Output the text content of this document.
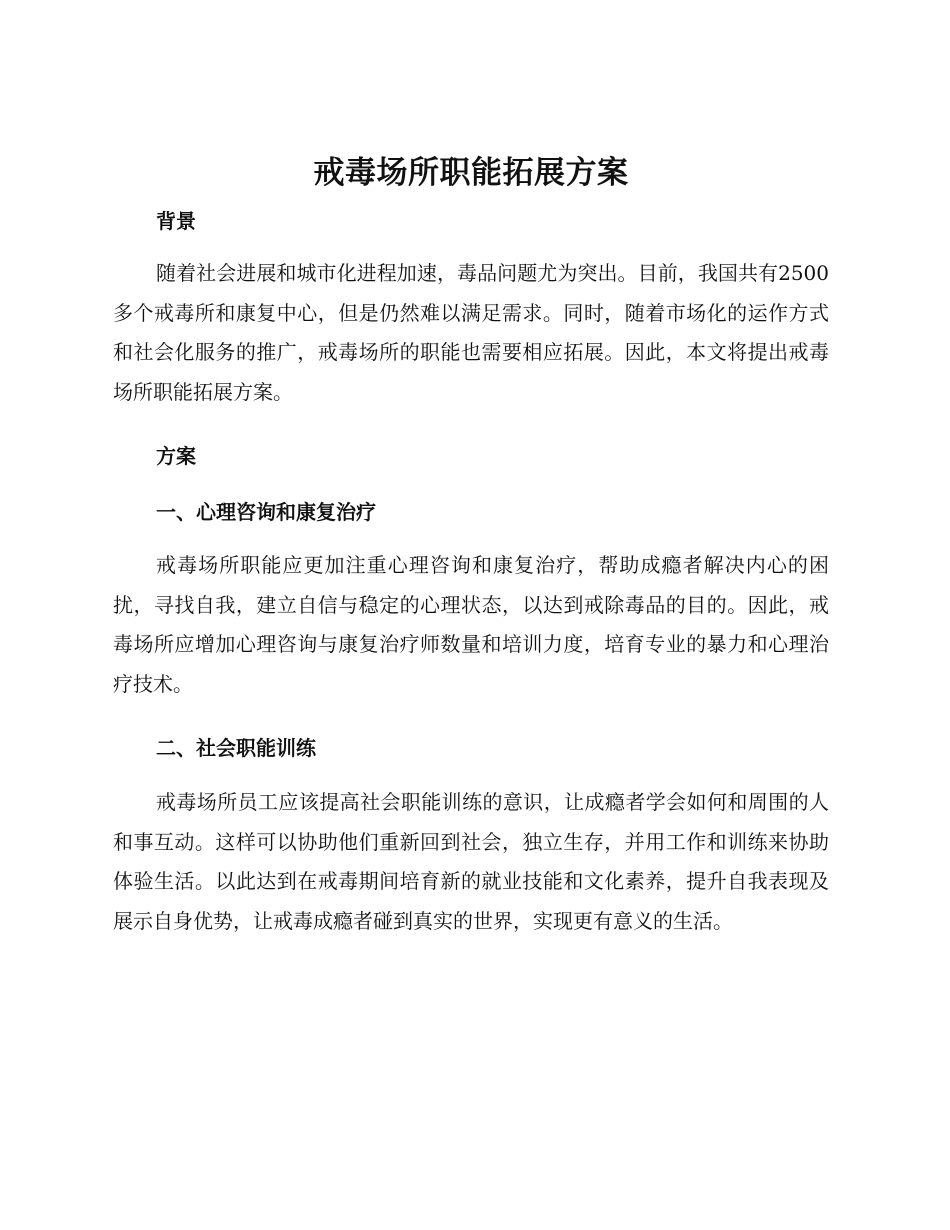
戒毒场所职能拓展方案

背景

随着社会进展和城市化进程加速，毒品问题尤为突出。目前，我国共有2500多个戒毒所和康复中心，但是仍然难以满足需求。同时，随着市场化的运作方式和社会化服务的推广，戒毒场所的职能也需要相应拓展。因此，本文将提出戒毒场所职能拓展方案。

方案

一、心理咨询和康复治疗

戒毒场所职能应更加注重心理咨询和康复治疗，帮助成瘾者解决内心的困扰，寻找自我，建立自信与稳定的心理状态，以达到戒除毒品的目的。因此，戒毒场所应增加心理咨询与康复治疗师数量和培训力度，培育专业的暴力和心理治疗技术。

二、社会职能训练

戒毒场所员工应该提高社会职能训练的意识，让成瘾者学会如何和周围的人和事互动。这样可以协助他们重新回到社会，独立生存，并用工作和训练来协助体验生活。以此达到在戒毒期间培育新的就业技能和文化素养，提升自我表现及展示自身优势，让戒毒成瘾者碰到真实的世界，实现更有意义的生活。
